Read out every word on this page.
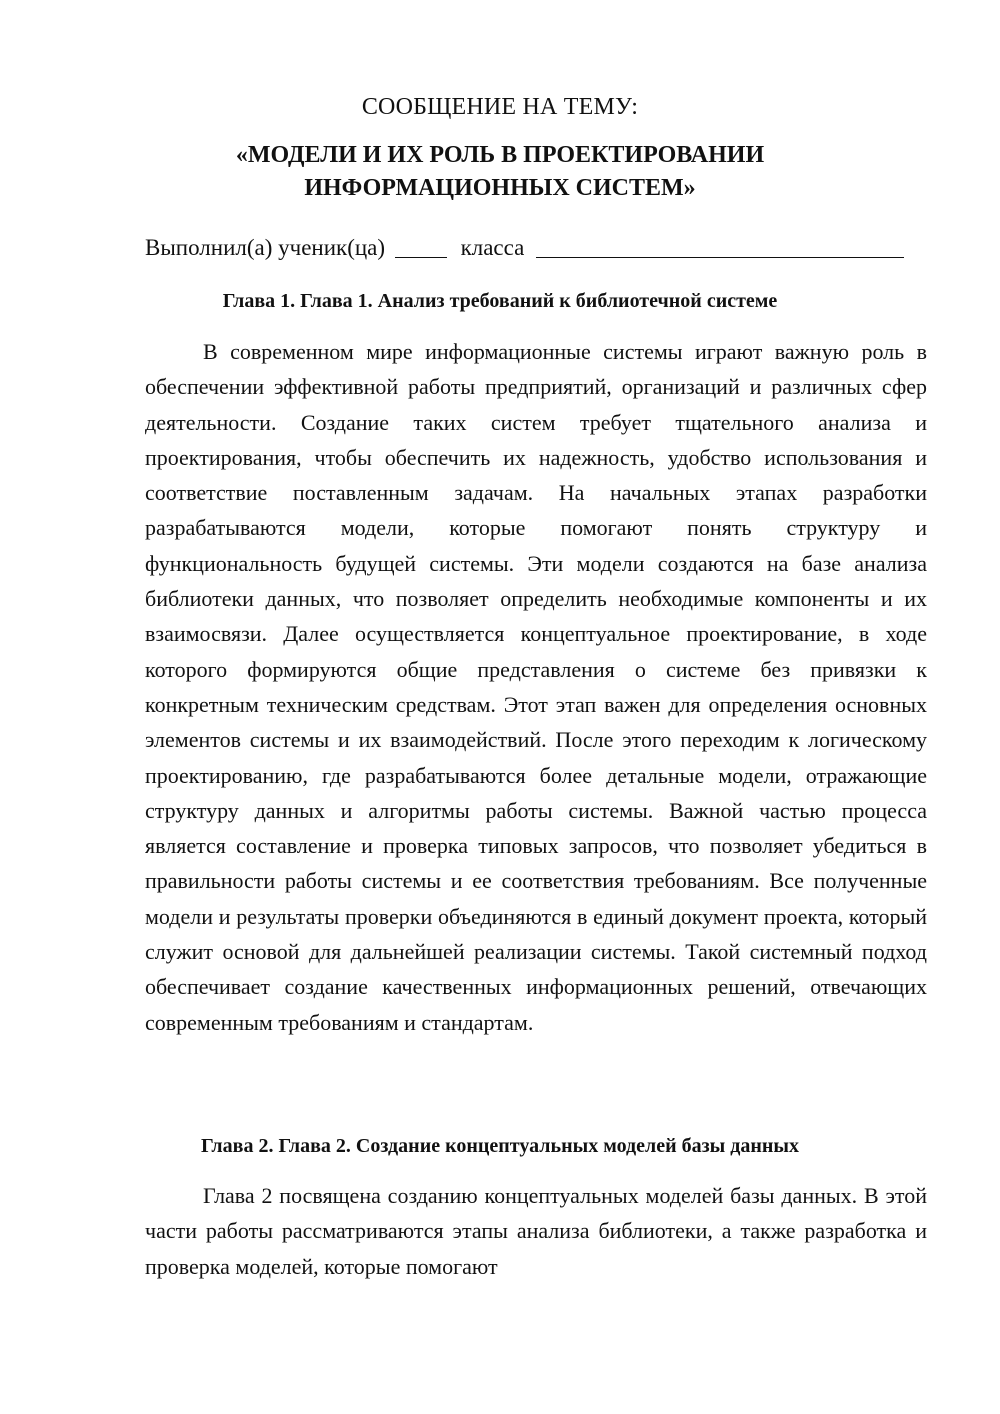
СООБЩЕНИЕ НА ТЕМУ:

«МОДЕЛИ И ИХ РОЛЬ В ПРОЕКТИРОВАНИИ

ИНФОРМАЦИОННЫХ СИСТЕМ»

Выполнил(а) ученик(ца)	класса
Глава 1. Глава 1. Анализ требований к библиотечной системе

В современном мире информационные системы играют важную роль в обеспечении эффективной работы предприятий, организаций и различных сфер деятельности. Создание таких систем требует тщательного анализа и проектирования, чтобы обеспечить их надежность, удобство использования и соответствие поставленным задачам. На начальных этапах разработки разрабатываются модели, которые помогают понять структуру и функциональность будущей системы. Эти модели создаются на базе анализа библиотеки данных, что позволяет определить необходимые компоненты и их взаимосвязи. Далее осуществляется концептуальное проектирование, в ходе которого формируются общие представления о системе без привязки к конкретным техническим средствам. Этот этап важен для определения основных элементов системы и их взаимодействий. После этого переходим к логическому проектированию, где разрабатываются более детальные модели, отражающие структуру данных и алгоритмы работы системы. Важной частью процесса является составление и проверка типовых запросов, что позволяет убедиться в правильности работы системы и ее соответствия требованиям. Все полученные модели и результаты проверки объединяются в единый документ проекта, который служит основой для дальнейшей реализации системы. Такой системный подход обеспечивает создание качественных информационных решений, отвечающих современным требованиям и стандартам.

Глава 2. Глава 2. Создание концептуальных моделей базы данных

Глава 2 посвящена созданию концептуальных моделей базы данных. В этой части работы рассматриваются этапы анализа библиотеки, а также разработка и проверка моделей, которые помогают
